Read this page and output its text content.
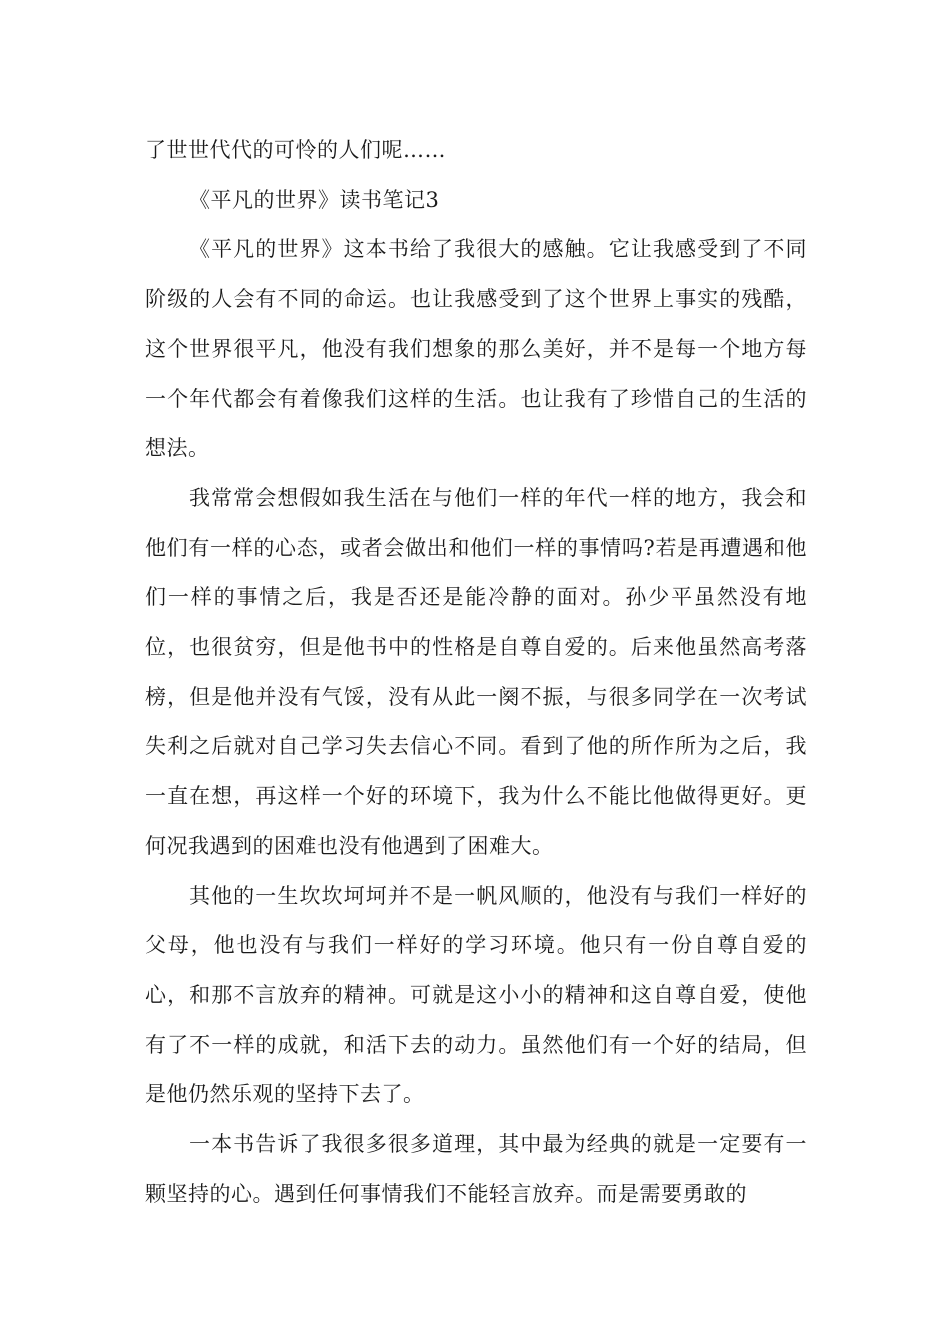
了世世代代的可怜的人们呢……

《平凡的世界》读书笔记3

《平凡的世界》这本书给了我很大的感触。它让我感受到了不同阶级的人会有不同的命运。也让我感受到了这个世界上事实的残酷，这个世界很平凡，他没有我们想象的那么美好，并不是每一个地方每一个年代都会有着像我们这样的生活。也让我有了珍惜自己的生活的想法。

我常常会想假如我生活在与他们一样的年代一样的地方，我会和他们有一样的心态，或者会做出和他们一样的事情吗?若是再遭遇和他们一样的事情之后，我是否还是能冷静的面对。孙少平虽然没有地位，也很贫穷，但是他书中的性格是自尊自爱的。后来他虽然高考落榜，但是他并没有气馁，没有从此一阕不振，与很多同学在一次考试失利之后就对自己学习失去信心不同。看到了他的所作所为之后，我一直在想，再这样一个好的环境下，我为什么不能比他做得更好。更何况我遇到的困难也没有他遇到了困难大。

其他的一生坎坎坷坷并不是一帆风顺的，他没有与我们一样好的父母，他也没有与我们一样好的学习环境。他只有一份自尊自爱的心，和那不言放弃的精神。可就是这小小的精神和这自尊自爱，使他有了不一样的成就，和活下去的动力。虽然他们有一个好的结局，但是他仍然乐观的坚持下去了。

一本书告诉了我很多很多道理，其中最为经典的就是一定要有一颗坚持的心。遇到任何事情我们不能轻言放弃。而是需要勇敢的
